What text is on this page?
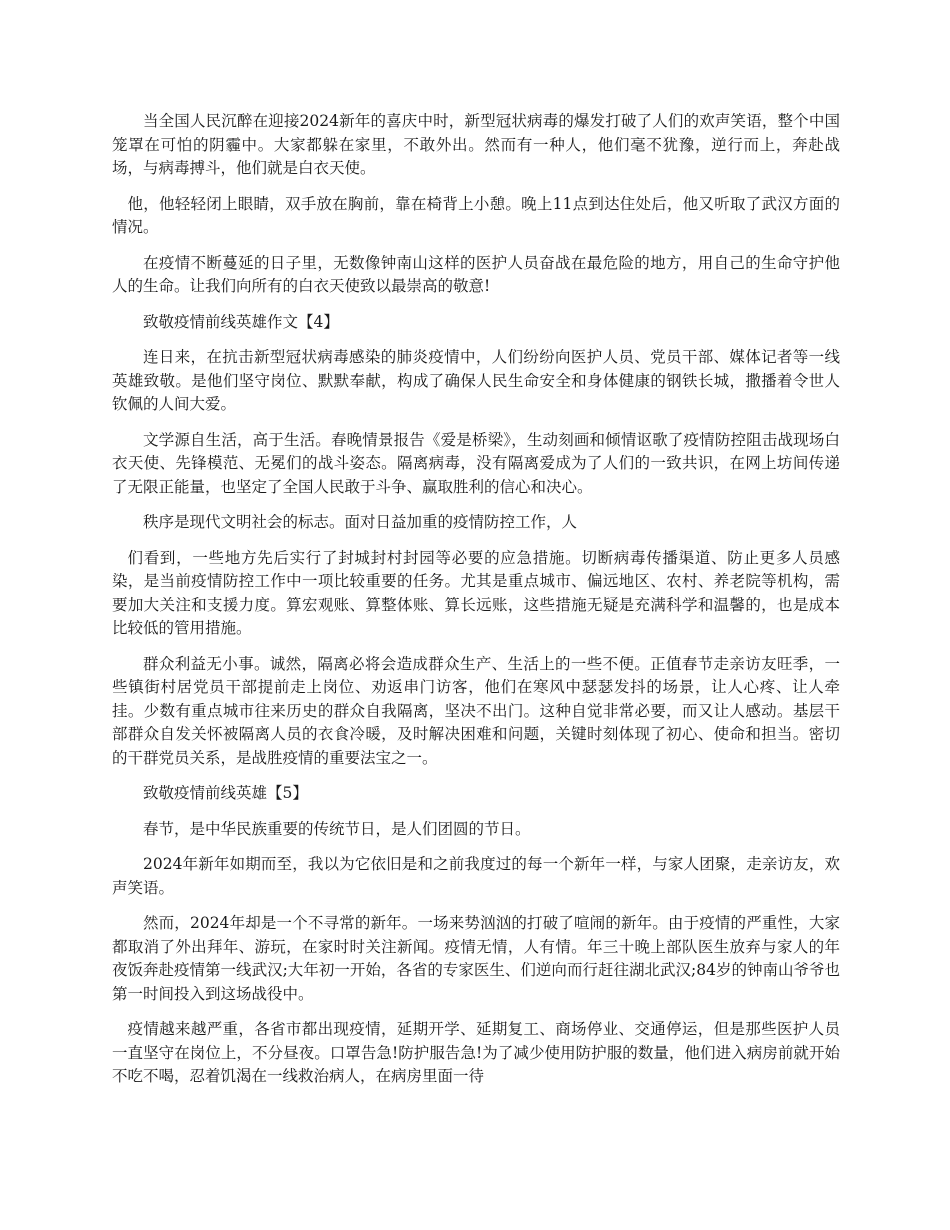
当全国人民沉醉在迎接2024新年的喜庆中时，新型冠状病毒的爆发打破了人们的欢声笑语，整个中国笼罩在可怕的阴霾中。大家都躲在家里，不敢外出。然而有一种人，他们毫不犹豫，逆行而上，奔赴战场，与病毒搏斗，他们就是白衣天使。

他，他轻轻闭上眼睛，双手放在胸前，靠在椅背上小憩。晚上11点到达住处后，他又听取了武汉方面的情况。

在疫情不断蔓延的日子里，无数像钟南山这样的医护人员奋战在最危险的地方，用自己的生命守护他人的生命。让我们向所有的白衣天使致以最崇高的敬意!

致敬疫情前线英雄作文【4】

连日来，在抗击新型冠状病毒感染的肺炎疫情中，人们纷纷向医护人员、党员干部、媒体记者等一线英雄致敬。是他们坚守岗位、默默奉献，构成了确保人民生命安全和身体健康的钢铁长城，撒播着令世人钦佩的人间大爱。

文学源自生活，高于生活。春晚情景报告《爱是桥梁》，生动刻画和倾情讴歌了疫情防控阻击战现场白衣天使、先锋模范、无冕们的战斗姿态。隔离病毒，没有隔离爱成为了人们的一致共识，在网上坊间传递了无限正能量，也坚定了全国人民敢于斗争、赢取胜利的信心和决心。

秩序是现代文明社会的标志。面对日益加重的疫情防控工作，人

们看到，一些地方先后实行了封城封村封园等必要的应急措施。切断病毒传播渠道、防止更多人员感染，是当前疫情防控工作中一项比较重要的任务。尤其是重点城市、偏远地区、农村、养老院等机构，需要加大关注和支援力度。算宏观账、算整体账、算长远账，这些措施无疑是充满科学和温馨的，也是成本比较低的管用措施。

群众利益无小事。诚然，隔离必将会造成群众生产、生活上的一些不便。正值春节走亲访友旺季，一些镇街村居党员干部提前走上岗位、劝返串门访客，他们在寒风中瑟瑟发抖的场景，让人心疼、让人牵挂。少数有重点城市往来历史的群众自我隔离，坚决不出门。这种自觉非常必要，而又让人感动。基层干部群众自发关怀被隔离人员的衣食冷暖，及时解决困难和问题，关键时刻体现了初心、使命和担当。密切的干群党员关系，是战胜疫情的重要法宝之一。

致敬疫情前线英雄【5】

春节，是中华民族重要的传统节日，是人们团圆的节日。

2024年新年如期而至，我以为它依旧是和之前我度过的每一个新年一样，与家人团聚，走亲访友，欢声笑语。

然而，2024年却是一个不寻常的新年。一场来势汹汹的打破了喧闹的新年。由于疫情的严重性，大家都取消了外出拜年、游玩，在家时时关注新闻。疫情无情，人有情。年三十晚上部队医生放弃与家人的年夜饭奔赴疫情第一线武汉;大年初一开始，各省的专家医生、们逆向而行赶往湖北武汉;84岁的钟南山爷爷也第一时间投入到这场战役中。

疫情越来越严重，各省市都出现疫情，延期开学、延期复工、商场停业、交通停运，但是那些医护人员一直坚守在岗位上，不分昼夜。口罩告急!防护服告急!为了减少使用防护服的数量，他们进入病房前就开始不吃不喝，忍着饥渴在一线救治病人，在病房里面一待
